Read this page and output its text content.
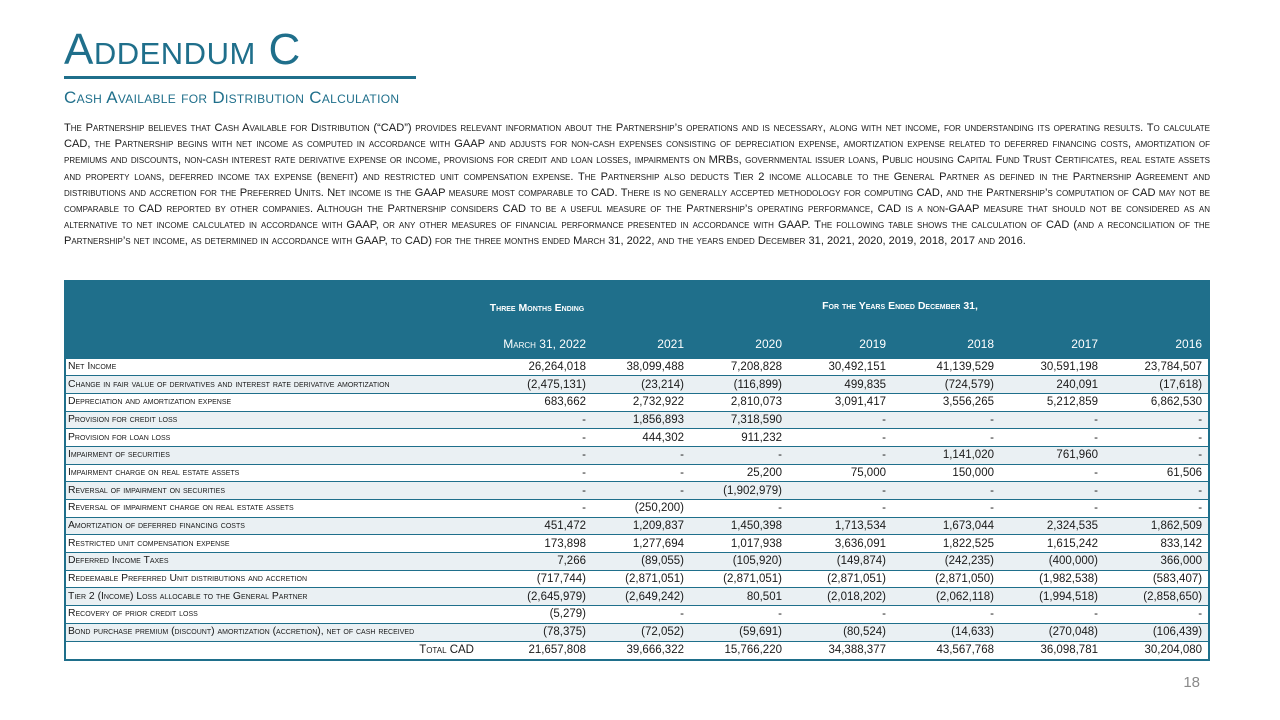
Addendum C
Cash Available for Distribution Calculation
The Partnership believes that Cash Available for Distribution (“CAD”) provides relevant information about the Partnership’s operations and is necessary, along with net income, for understanding its operating results. To calculate CAD, the Partnership begins with net income as computed in accordance with GAAP and adjusts for non-cash expenses consisting of depreciation expense, amortization expense related to deferred financing costs, amortization of premiums and discounts, non-cash interest rate derivative expense or income, provisions for credit and loan losses, impairments on MRBs, governmental issuer loans, Public housing Capital Fund Trust Certificates, real estate assets and property loans, deferred income tax expense (benefit) and restricted unit compensation expense. The Partnership also deducts Tier 2 income allocable to the General Partner as defined in the Partnership Agreement and distributions and accretion for the Preferred Units. Net income is the GAAP measure most comparable to CAD. There is no generally accepted methodology for computing CAD, and the Partnership’s computation of CAD may not be comparable to CAD reported by other companies. Although the Partnership considers CAD to be a useful measure of the Partnership’s operating performance, CAD is a non-GAAP measure that should not be considered as an alternative to net income calculated in accordance with GAAP, or any other measures of financial performance presented in accordance with GAAP. The following table shows the calculation of CAD (and a reconciliation of the Partnership’s net income, as determined in accordance with GAAP, to CAD) for the three months ended March 31, 2022, and the years ended December 31, 2021, 2020, 2019, 2018, 2017 and 2016.

	Three Months Ending	For the Years Ended December 31,					
	March 31, 2022	2021	2020	2019	2018	2017	2016
Net Income	26,264,018	38,099,488	7,208,828	30,492,151	41,139,529	30,591,198	23,784,507
Change in fair value of derivatives and interest rate derivative amortization	(2,475,131)	(23,214)	(116,899)	499,835	(724,579)	240,091	(17,618)
Depreciation and amortization expense	683,662	2,732,922	2,810,073	3,091,417	3,556,265	5,212,859	6,862,530
Provision for credit loss	-	1,856,893	7,318,590	-	-	-	-
Provision for loan loss	-	444,302	911,232	-	-	-	-
Impairment of securities	-	-	-	-	1,141,020	761,960	-
Impairment charge on real estate assets	-	-	25,200	75,000	150,000	-	61,506
Reversal of impairment on securities	-	-	(1,902,979)	-	-	-	-
Reversal of impairment charge on real estate assets	-	(250,200)	-	-	-	-	-
Amortization of deferred financing costs	451,472	1,209,837	1,450,398	1,713,534	1,673,044	2,324,535	1,862,509
Restricted unit compensation expense	173,898	1,277,694	1,017,938	3,636,091	1,822,525	1,615,242	833,142
Deferred Income Taxes	7,266	(89,055)	(105,920)	(149,874)	(242,235)	(400,000)	366,000
Redeemable Preferred Unit distributions and accretion	(717,744)	(2,871,051)	(2,871,051)	(2,871,051)	(2,871,050)	(1,982,538)	(583,407)
Tier 2 (Income) Loss allocable to the General Partner	(2,645,979)	(2,649,242)	80,501	(2,018,202)	(2,062,118)	(1,994,518)	(2,858,650)
Recovery of prior credit loss	(5,279)	-	-	-	-	-	-
Bond purchase premium (discount) amortization (accretion), net of cash received	(78,375)	(72,052)	(59,691)	(80,524)	(14,633)	(270,048)	(106,439)
Total CAD	21,657,808	39,666,322	15,766,220	34,388,377	43,567,768	36,098,781	30,204,080
18
